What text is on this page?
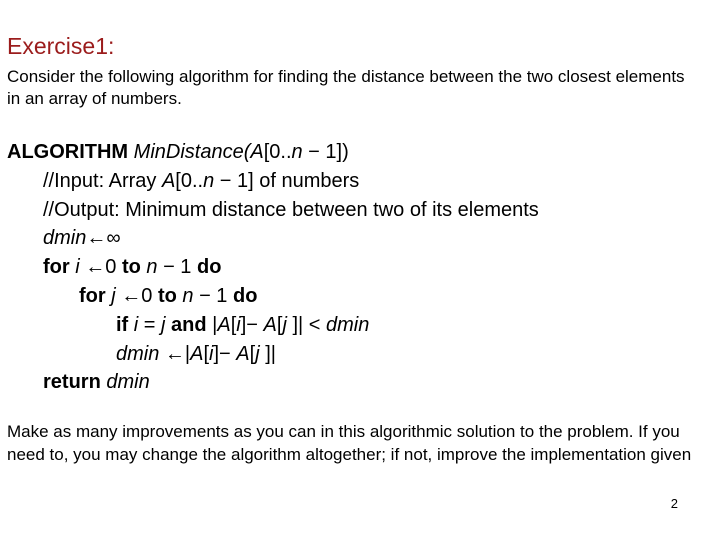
Exercise1:
Consider the following algorithm for finding the distance between the two closest elements in an array of numbers.
ALGORITHM MinDistance(A[0..n − 1])
//Input: Array A[0..n − 1] of numbers
//Output: Minimum distance between two of its elements
dmin←∞
for i ←0 to n − 1 do
for j ←0 to n − 1 do
if i = j and |A[i]− A[j ]| < dmin
dmin ←|A[i]− A[j ]|
return dmin
Make as many improvements as you can in this algorithmic solution to the problem. If you need to, you may change the algorithm altogether; if not, improve the implementation given
2
